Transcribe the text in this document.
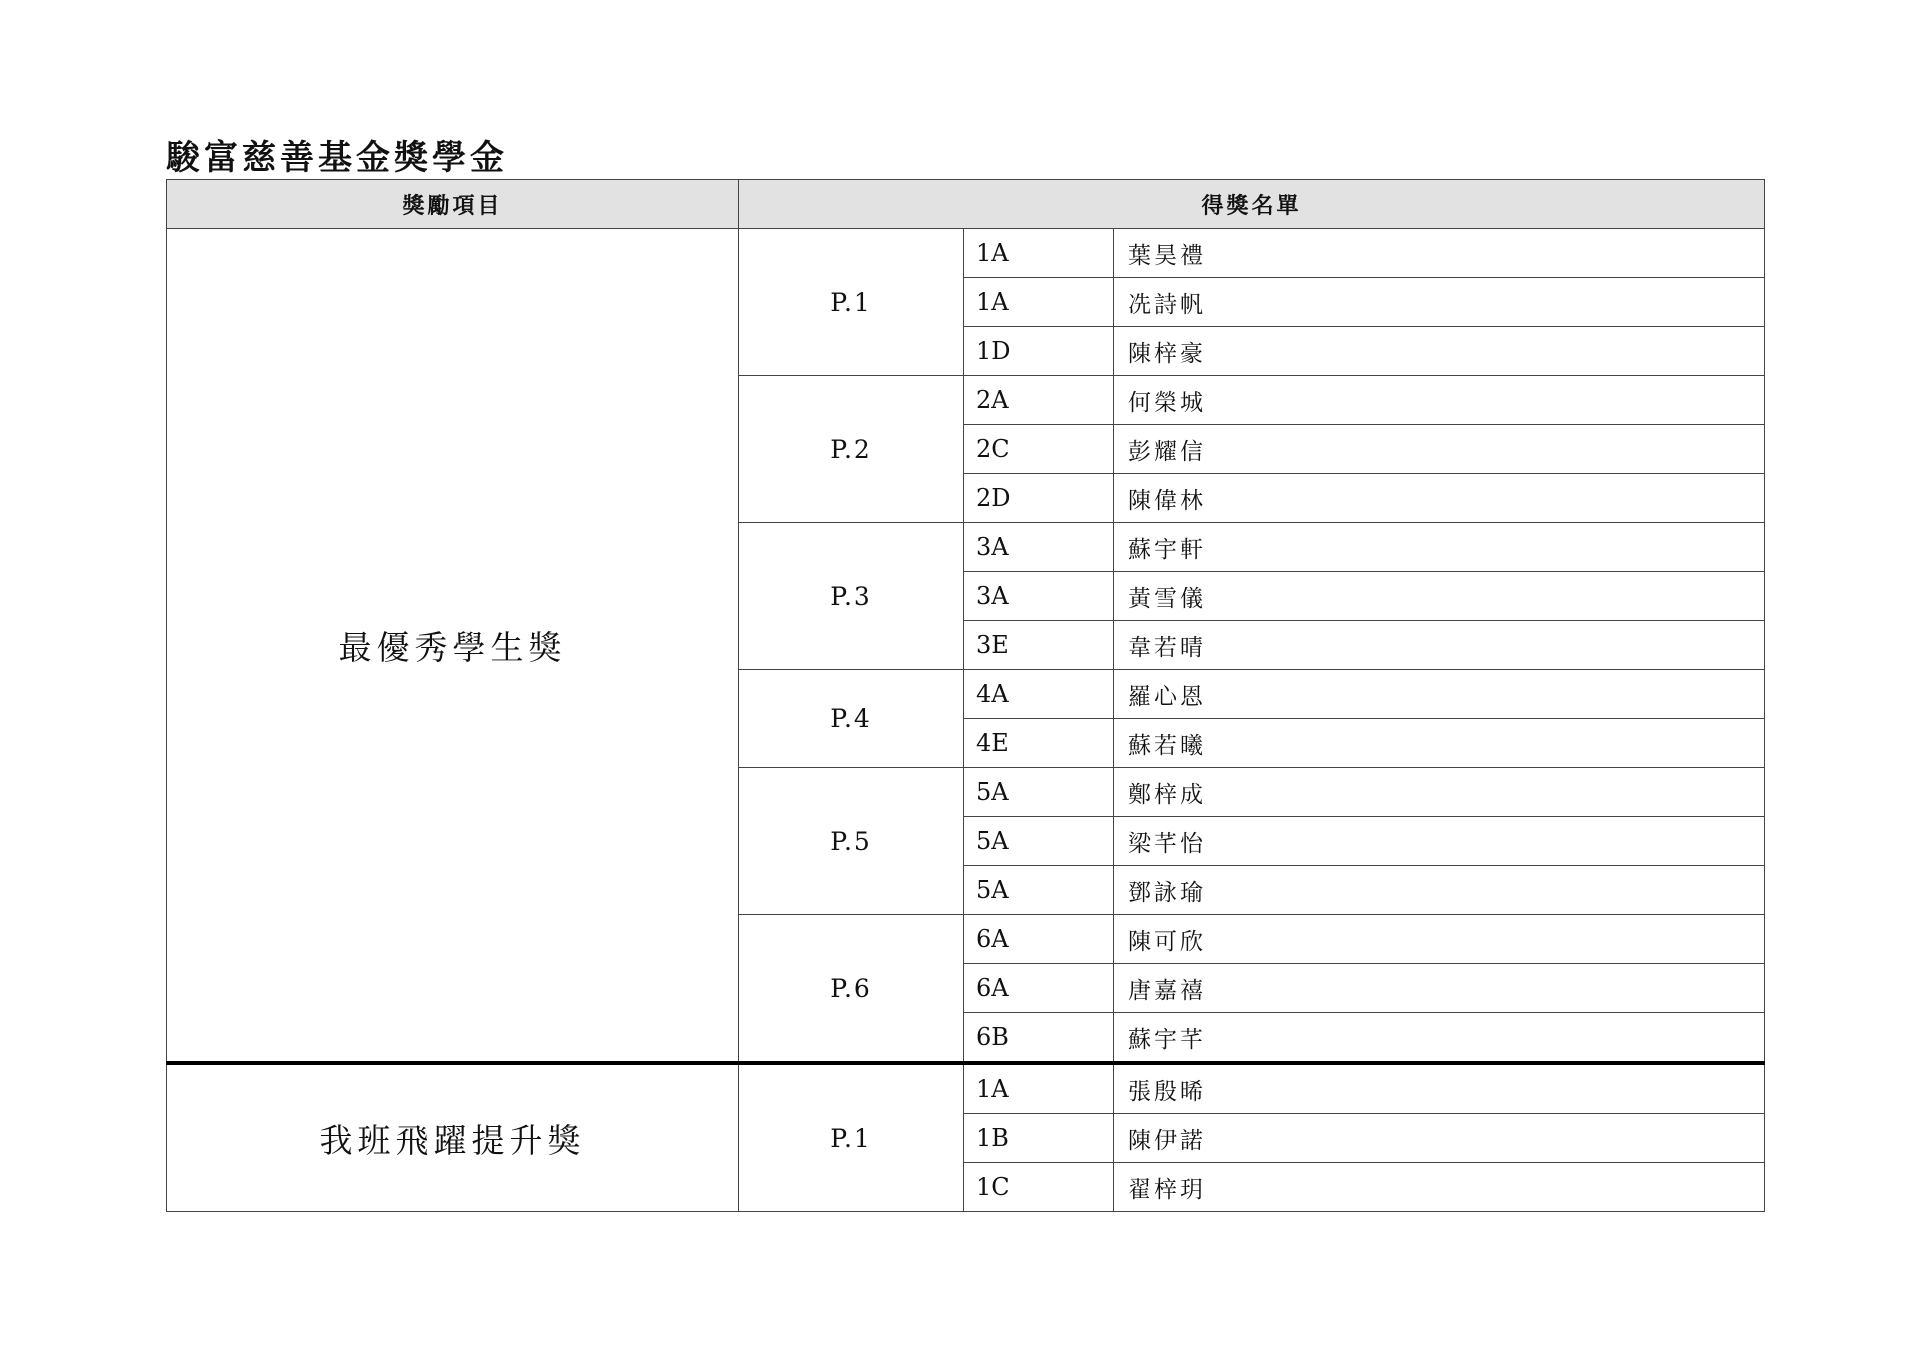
駿富慈善基金獎學金
獎勵項目	得獎名單		
最優秀學生獎	P.1	1A	葉昊禮
		1A	冼詩帆
		1D	陳梓豪
	P.2	2A	何榮城
		2C	彭耀信
		2D	陳偉林
	P.3	3A	蘇宇軒
		3A	黃雪儀
		3E	韋若晴
	P.4	4A	羅心恩
		4E	蘇若曦
	P.5	5A	鄭梓成
		5A	梁芊怡
		5A	鄧詠瑜
	P.6	6A	陳可欣
		6A	唐嘉禧
		6B	蘇宇芊
我班飛躍提升獎	P.1	1A	張殷晞
		1B	陳伊諾
		1C	翟梓玥
